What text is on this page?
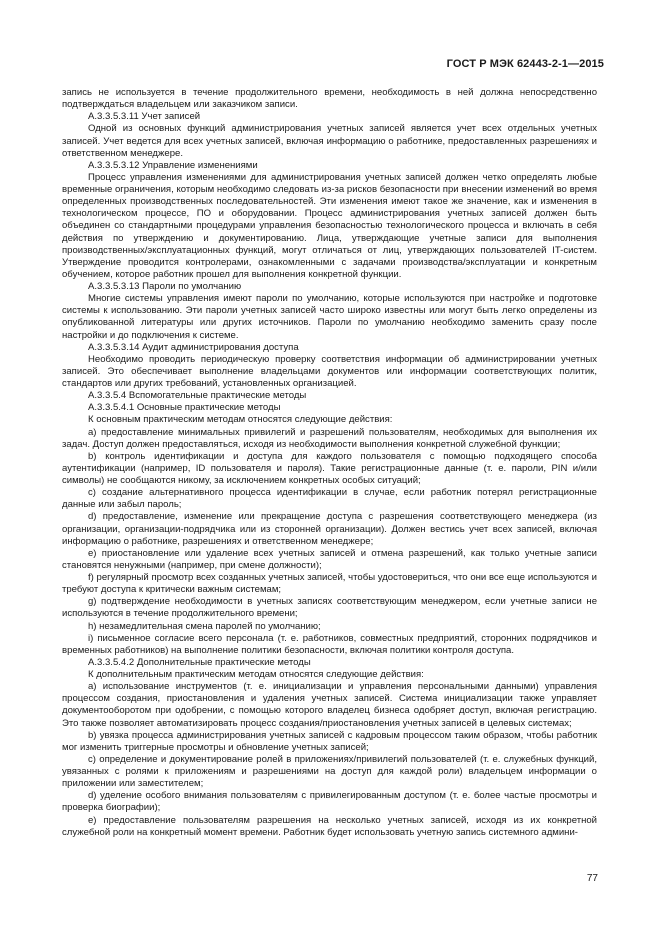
ГОСТ Р МЭК 62443-2-1—2015

запись не используется в течение продолжительного времени, необходимость в ней должна непосредственно подтверждаться владельцем или заказчиком записи.

А.3.3.5.3.11 Учет записей

Одной из основных функций администрирования учетных записей является учет всех отдельных учетных записей. Учет ведется для всех учетных записей, включая информацию о работнике, предоставленных разрешениях и ответственном менеджере.

А.3.3.5.3.12 Управление изменениями

Процесс управления изменениями для администрирования учетных записей должен четко определять любые временные ограничения, которым необходимо следовать из-за рисков безопасности при внесении изменений во время определенных производственных последовательностей. Эти изменения имеют такое же значение, как и изменения в технологическом процессе, ПО и оборудовании. Процесс администрирования учетных записей должен быть объединен со стандартными процедурами управления безопасностью технологического процесса и включать в себя действия по утверждению и документированию. Лица, утверждающие учетные записи для выполнения производственных/эксплуатационных функций, могут отличаться от лиц, утверждающих пользователей IT-систем. Утверждение проводится контролерами, ознакомленными с задачами производства/эксплуатации и конкретным обучением, которое работник прошел для выполнения конкретной функции.

А.3.3.5.3.13 Пароли по умолчанию

Многие системы управления имеют пароли по умолчанию, которые используются при настройке и подготовке системы к использованию. Эти пароли учетных записей часто широко известны или могут быть легко определены из опубликованной литературы или других источников. Пароли по умолчанию необходимо заменить сразу после настройки и до подключения к системе.

А.3.3.5.3.14 Аудит администрирования доступа

Необходимо проводить периодическую проверку соответствия информации об администрировании учетных записей. Это обеспечивает выполнение владельцами документов или информации соответствующих политик, стандартов или других требований, установленных организацией.

А.3.3.5.4 Вспомогательные практические методы

А.3.3.5.4.1 Основные практические методы

К основным практическим методам относятся следующие действия:

a) предоставление минимальных привилегий и разрешений пользователям, необходимых для выполнения их задач. Доступ должен предоставляться, исходя из необходимости выполнения конкретной служебной функции;

b) контроль идентификации и доступа для каждого пользователя с помощью подходящего способа аутентификации (например, ID пользователя и пароля). Такие регистрационные данные (т. е. пароли, PIN и/или символы) не сообщаются никому, за исключением конкретных особых ситуаций;

c) создание альтернативного процесса идентификации в случае, если работник потерял регистрационные данные или забыл пароль;

d) предоставление, изменение или прекращение доступа с разрешения соответствующего менеджера (из организации, организации-подрядчика или из сторонней организации). Должен вестись учет всех записей, включая информацию о работнике, разрешениях и ответственном менеджере;

e) приостановление или удаление всех учетных записей и отмена разрешений, как только учетные записи становятся ненужными (например, при смене должности);

f) регулярный просмотр всех созданных учетных записей, чтобы удостовериться, что они все еще используются и требуют доступа к критически важным системам;

g) подтверждение необходимости в учетных записях соответствующим менеджером, если учетные записи не используются в течение продолжительного времени;

h) незамедлительная смена паролей по умолчанию;

i) письменное согласие всего персонала (т. е. работников, совместных предприятий, сторонних подрядчиков и временных работников) на выполнение политики безопасности, включая политики контроля доступа.

А.3.3.5.4.2 Дополнительные практические методы

К дополнительным практическим методам относятся следующие действия:

a) использование инструментов (т. е. инициализации и управления персональными данными) управления процессом создания, приостановления и удаления учетных записей. Система инициализации также управляет документооборотом при одобрении, с помощью которого владелец бизнеса одобряет доступ, включая регистрацию. Это также позволяет автоматизировать процесс создания/приостановления учетных записей в целевых системах;

b) увязка процесса администрирования учетных записей с кадровым процессом таким образом, чтобы работник мог изменить триггерные просмотры и обновление учетных записей;

c) определение и документирование ролей в приложениях/привилегий пользователей (т. е. служебных функций, увязанных с ролями к приложениям и разрешениями на доступ для каждой роли) владельцем информации о приложении или заместителем;

d) уделение особого внимания пользователям с привилегированным доступом (т. е. более частые просмотры и проверка биографии);

e) предоставление пользователям разрешения на несколько учетных записей, исходя из их конкретной служебной роли на конкретный момент времени. Работник будет использовать учетную запись системного админи-

77
